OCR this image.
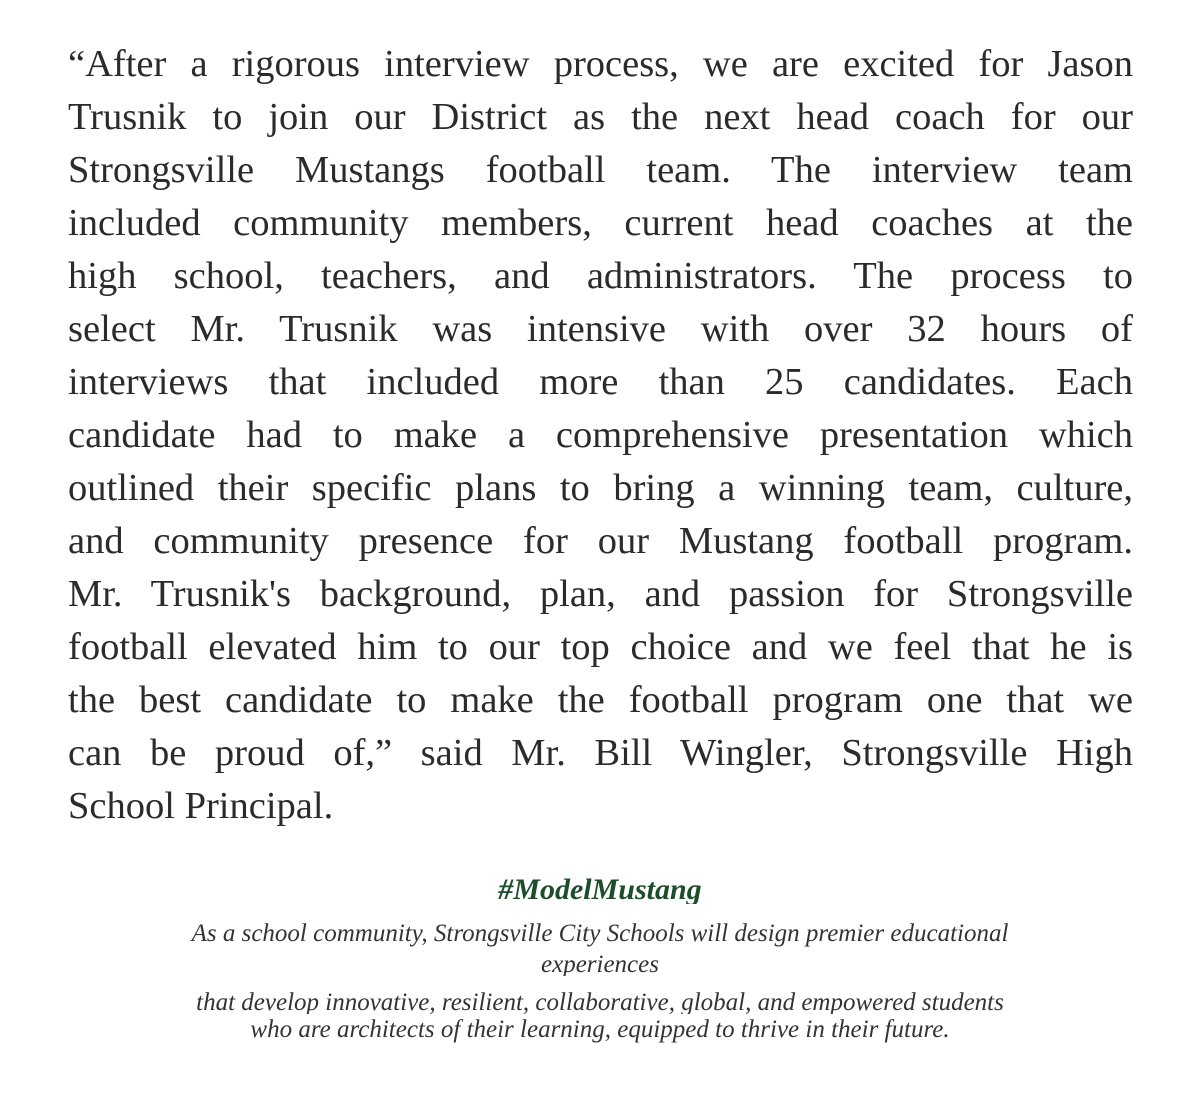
“After a rigorous interview process, we are excited for Jason
Trusnik to join our District as the next head coach for our
Strongsville Mustangs football team. The interview team
included community members, current head coaches at the
high school, teachers, and administrators. The process to
select Mr. Trusnik was intensive with over 32 hours of
interviews that included more than 25 candidates. Each
candidate had to make a comprehensive presentation which
outlined their specific plans to bring a winning team, culture,
and community presence for our Mustang football program.
Mr. Trusnik's background, plan, and passion for Strongsville
football elevated him to our top choice and we feel that he is
the best candidate to make the football program one that we
can be proud of,” said Mr. Bill Wingler, Strongsville High
School Principal.
#ModelMustang
As a school community, Strongsville City Schools will design premier educational
experiences
that develop innovative, resilient, collaborative, global, and empowered students
who are architects of their learning, equipped to thrive in their future.
